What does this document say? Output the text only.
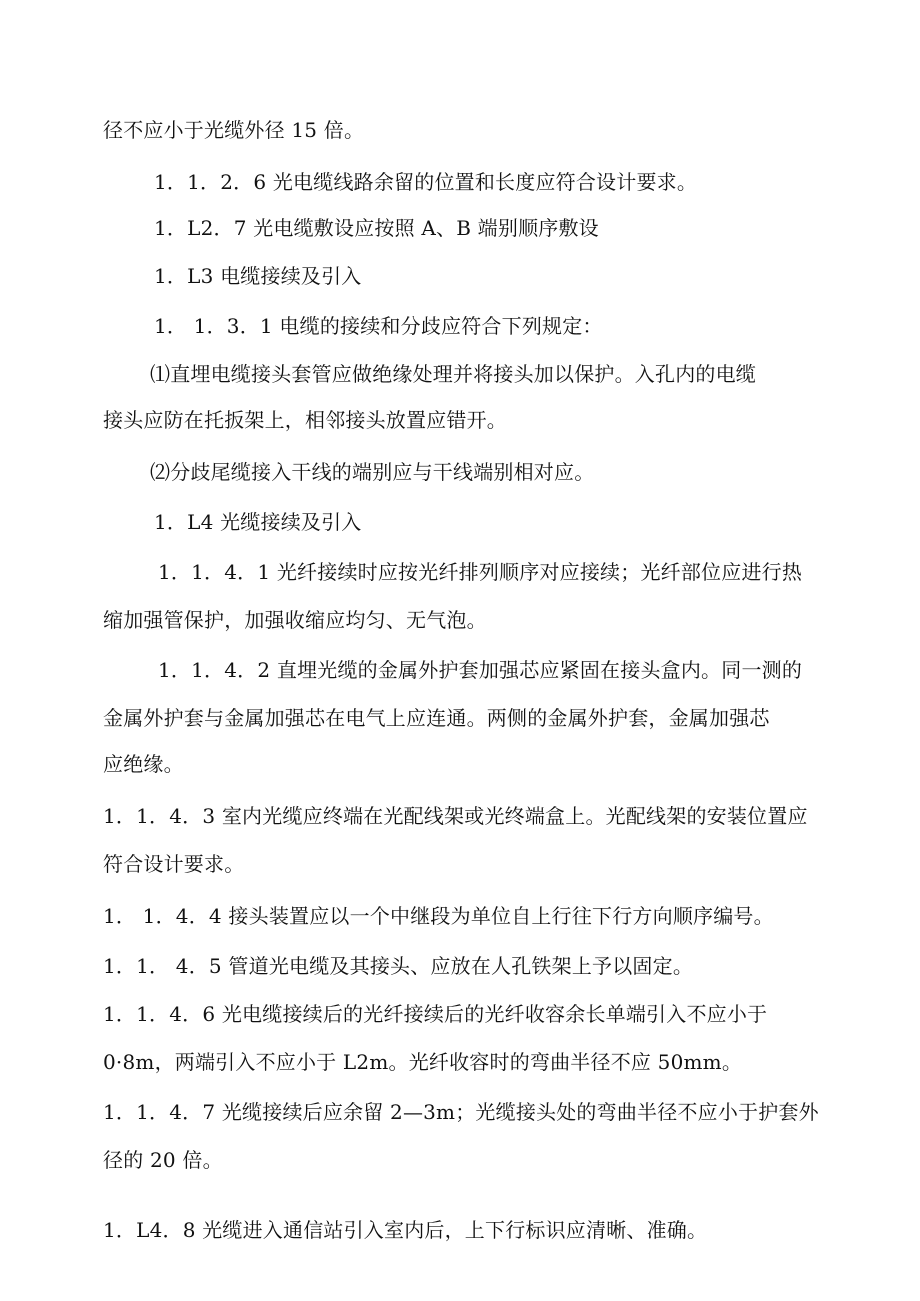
径不应小于光缆外径 15 倍。
1．1．2．6 光电缆线路余留的位置和长度应符合设计要求。
1．L2．7 光电缆敷设应按照 A、B 端别顺序敷设
1．L3 电缆接续及引入
1． 1．3．1 电缆的接续和分歧应符合下列规定：
⑴直埋电缆接头套管应做绝缘处理并将接头加以保护。入孔内的电缆
接头应防在托扳架上，相邻接头放置应错开。
⑵分歧尾缆接入干线的端别应与干线端别相对应。
1．L4 光缆接续及引入
1．1．4．1 光纤接续时应按光纤排列顺序对应接续；光纤部位应进行热
缩加强管保护，加强收缩应均匀、无气泡。
1．1．4．2 直埋光缆的金属外护套加强芯应紧固在接头盒内。同一测的
金属外护套与金属加强芯在电气上应连通。两侧的金属外护套，金属加强芯
应绝缘。
1．1．4．3 室内光缆应终端在光配线架或光终端盒上。光配线架的安装位置应
符合设计要求。
1． 1．4．4 接头装置应以一个中继段为单位自上行往下行方向顺序编号。
1．1． 4．5 管道光电缆及其接头、应放在人孔铁架上予以固定。
1．1．4．6 光电缆接续后的光纤接续后的光纤收容余长单端引入不应小于
0·8m，两端引入不应小于 L2m。光纤收容时的弯曲半径不应 50mm。
1．1．4．7 光缆接续后应余留 2—3m；光缆接头处的弯曲半径不应小于护套外
径的 20 倍。
1．L4．8 光缆进入通信站引入室内后，上下行标识应清晰、准确。
